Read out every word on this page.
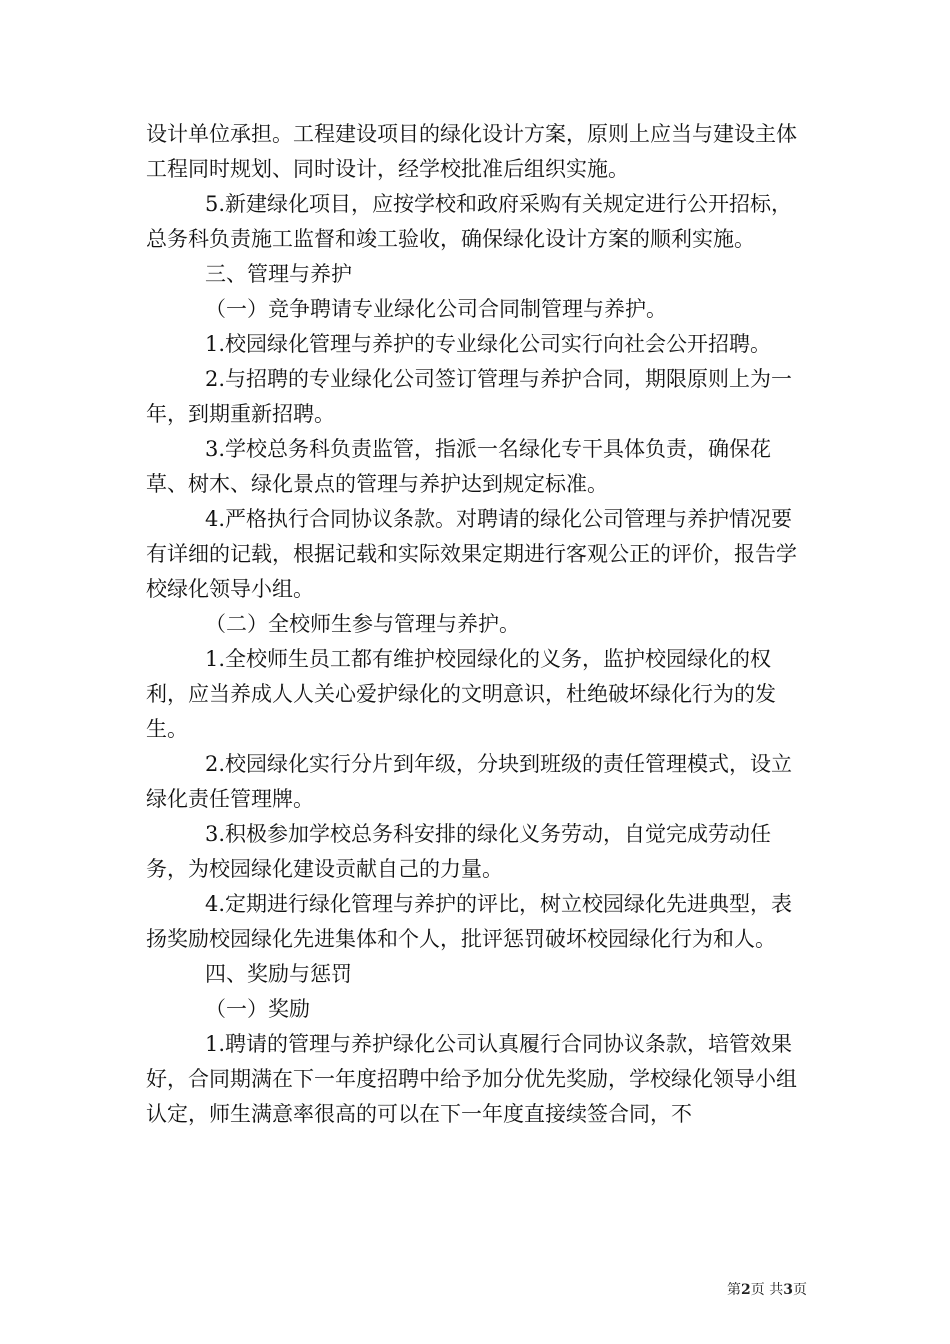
设计单位承担。工程建设项目的绿化设计方案，原则上应当与建设主体工程同时规划、同时设计，经学校批准后组织实施。

5.新建绿化项目，应按学校和政府采购有关规定进行公开招标，总务科负责施工监督和竣工验收，确保绿化设计方案的顺利实施。

三、管理与养护

（一）竞争聘请专业绿化公司合同制管理与养护。

1.校园绿化管理与养护的专业绿化公司实行向社会公开招聘。

2.与招聘的专业绿化公司签订管理与养护合同，期限原则上为一年，到期重新招聘。

3.学校总务科负责监管，指派一名绿化专干具体负责，确保花草、树木、绿化景点的管理与养护达到规定标准。

4.严格执行合同协议条款。对聘请的绿化公司管理与养护情况要有详细的记载，根据记载和实际效果定期进行客观公正的评价，报告学校绿化领导小组。

（二）全校师生参与管理与养护。

1.全校师生员工都有维护校园绿化的义务，监护校园绿化的权利，应当养成人人关心爱护绿化的文明意识，杜绝破坏绿化行为的发生。

2.校园绿化实行分片到年级，分块到班级的责任管理模式，设立绿化责任管理牌。

3.积极参加学校总务科安排的绿化义务劳动，自觉完成劳动任务，为校园绿化建设贡献自己的力量。

4.定期进行绿化管理与养护的评比，树立校园绿化先进典型，表扬奖励校园绿化先进集体和个人，批评惩罚破坏校园绿化行为和人。

四、奖励与惩罚

（一）奖励

1.聘请的管理与养护绿化公司认真履行合同协议条款，培管效果好，合同期满在下一年度招聘中给予加分优先奖励，学校绿化领导小组认定，师生满意率很高的可以在下一年度直接续签合同，不

第2页 共3页
